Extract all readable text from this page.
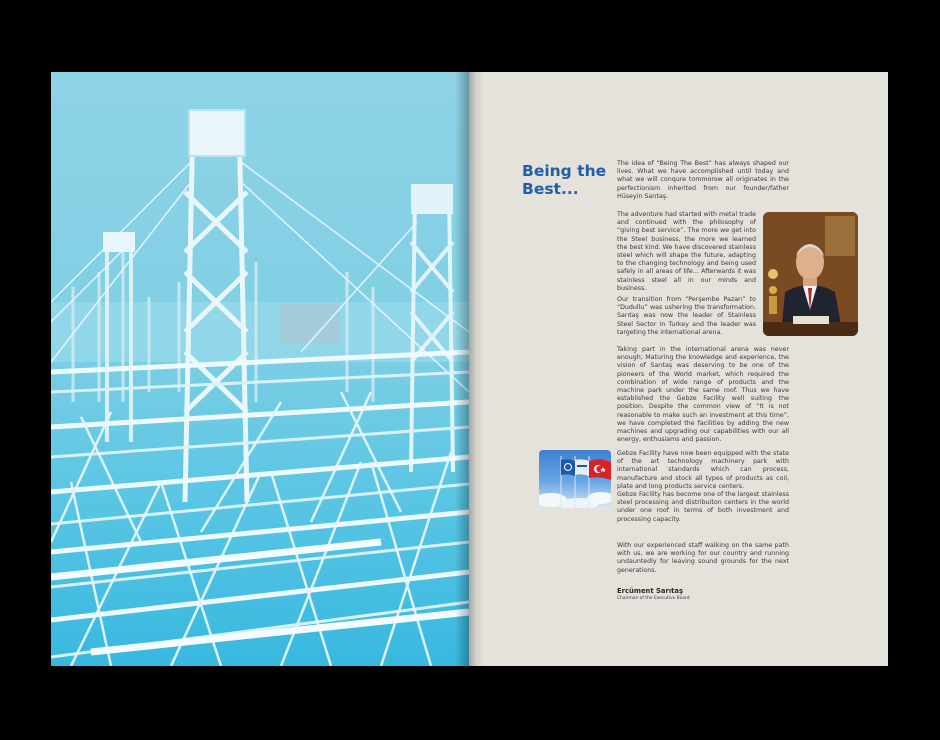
Being the
Best...

The idea of “Being The Best” has always shaped our lives. What we have accomplished until today and what we will conqure tommorow all originates in the perfectionism inherited from our founder/father Hüseyin Sarıtaş.

The adventure had started with metal trade and continued with the philosophy of “giving best service”. The more we get into the Steel business, the more we learned the best kind. We have discovered stainless steel which will shape the future, adapting to the changing technology and being used safely in all areas of life... Afterwards it was stainless steel all in our minds and business.

Our transition from “Perşembe Pazarı” to “Dudullu” was ushering the transformation. Sarıtaş was now the leader of Stainless Steel Sector in Turkey and the leader was targeting the international arena.

Taking part in the international arena was never enough; Maturing the knowledge and experience, the vision of Sarıtaş was deserving to be one of the pioneers of the World market, which required the combination of wide range of products and the machine park under the same roof. Thus we have established the Gebze Facility well suiting the position. Despite the common view of “It is not reasonable to make such an investment at this time”, we have completed the facilities by adding the new machines and upgrading our capabilities with our all energy, enthusiams and passion.

Gebze Facility have now been equipped with the state of the art technology machinery park with international standards which can process, manufacture and stock all types of products as coil, plate and long products service centers.
Gebze Facility has become one of the largest stainless steel processing and distribuiton centers in the world under one roof in terms of both investment and processing capacity.

With our experienced staff walking on the same path with us, we are working for our country and running undauntedly for leaving sound grounds for the next generations.

Ercüment Sarıtaş
Chairman of the Executive Board
